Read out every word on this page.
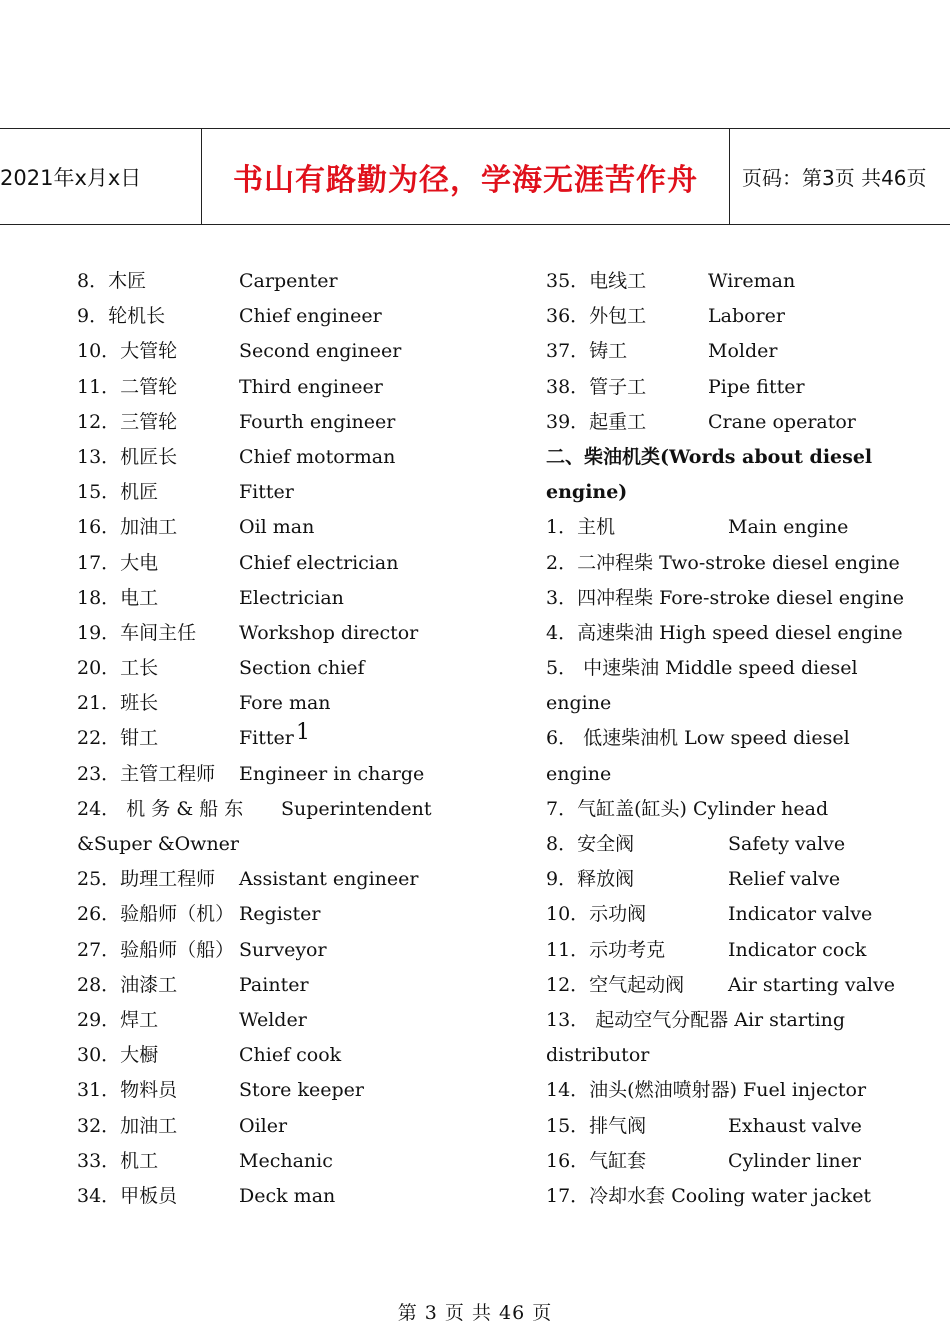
2021年x月x日	书山有路勤为径，学海无涯苦作舟	页码：第3页 共46页
8．木匠	Carpenter
9．轮机长	Chief engineer
10．大管轮	Second engineer
11．二管轮	Third engineer
12．三管轮	Fourth engineer
13．机匠长	Chief motorman
15．机匠	Fitter
16．加油工	Oil man
17．大电	Chief electrician
18．电工	Electrician
19．车间主任 Workshop director
20．工长	Section chief
21．班长	Fore man
22．钳工	Fitter
23．主管工程师 Engineer in charge
24． 机 务 & 船 东 Superintendent
&Super &Owner
25．助理工程师 Assistant engineer
26．验船师（机） Register
27．验船师（船） Surveyor
28．油漆工	Painter
29．焊工	Welder
30．大橱	Chief cook
31．物料员	Store keeper
32．加油工	Oiler
33．机工	Mechanic
34．甲板员	Deck man
35．电线工	Wireman
36．外包工	Laborer
37．铸工	Molder
38．管子工	Pipe fitter
39．起重工	Crane operator
二、柴油机类(Words about diesel
engine)
1．主机	Main engine
2．二冲程柴 Two-stroke diesel engine
3．四冲程柴 Fore-stroke diesel engine
4．高速柴油 High speed diesel engine
5． 中速柴油 Middle speed diesel
engine
6． 低速柴油机 Low speed diesel
engine
7．气缸盖(缸头) Cylinder head
8．安全阀	Safety valve
9．释放阀	Relief valve
10．示功阀	Indicator valve
11．示功考克	Indicator cock
12．空气起动阀 Air starting valve
13． 起动空气分配器 Air starting
distributor
14．油头(燃油喷射器) Fuel injector
15．排气阀	Exhaust valve
16．气缸套	Cylinder liner
17．冷却水套 Cooling water jacket
1
第 3 页 共 46 页
